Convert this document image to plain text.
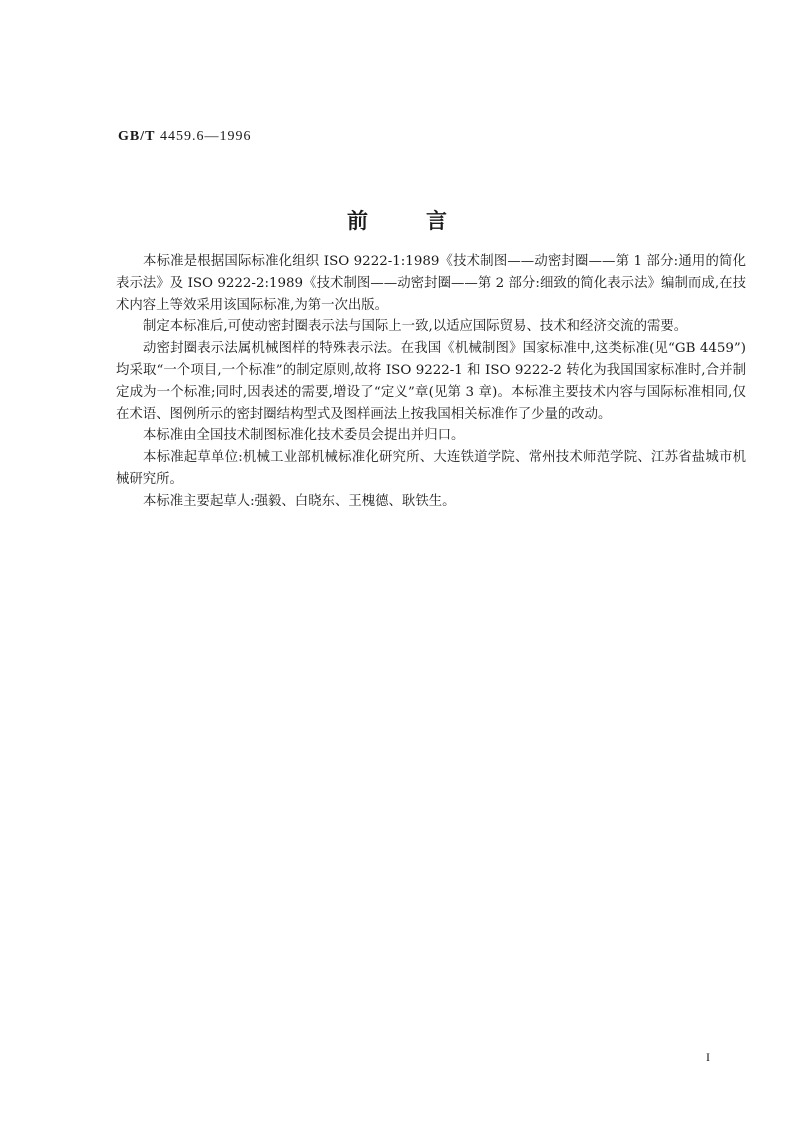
GB/T 4459.6—1996
前	言

本标准是根据国际标准化组织 ISO 9222-1:1989《技术制图——动密封圈——第 1 部分:通用的简化表示法》及 ISO 9222-2:1989《技术制图——动密封圈——第 2 部分:细致的简化表示法》编制而成,在技术内容上等效采用该国际标准,为第一次出版。

制定本标准后,可使动密封圈表示法与国际上一致,以适应国际贸易、技术和经济交流的需要。

动密封圈表示法属机械图样的特殊表示法。在我国《机械制图》国家标准中,这类标准(见“GB 4459”)均采取“一个项目,一个标准”的制定原则,故将 ISO 9222-1 和 ISO 9222-2 转化为我国国家标准时,合并制定成为一个标准;同时,因表述的需要,增设了“定义”章(见第 3 章)。本标准主要技术内容与国际标准相同,仅在术语、图例所示的密封圈结构型式及图样画法上按我国相关标准作了少量的改动。

本标准由全国技术制图标准化技术委员会提出并归口。

本标准起草单位:机械工业部机械标准化研究所、大连铁道学院、常州技术师范学院、江苏省盐城市机械研究所。

本标准主要起草人:强毅、白晓东、王槐德、耿铁生。

I
